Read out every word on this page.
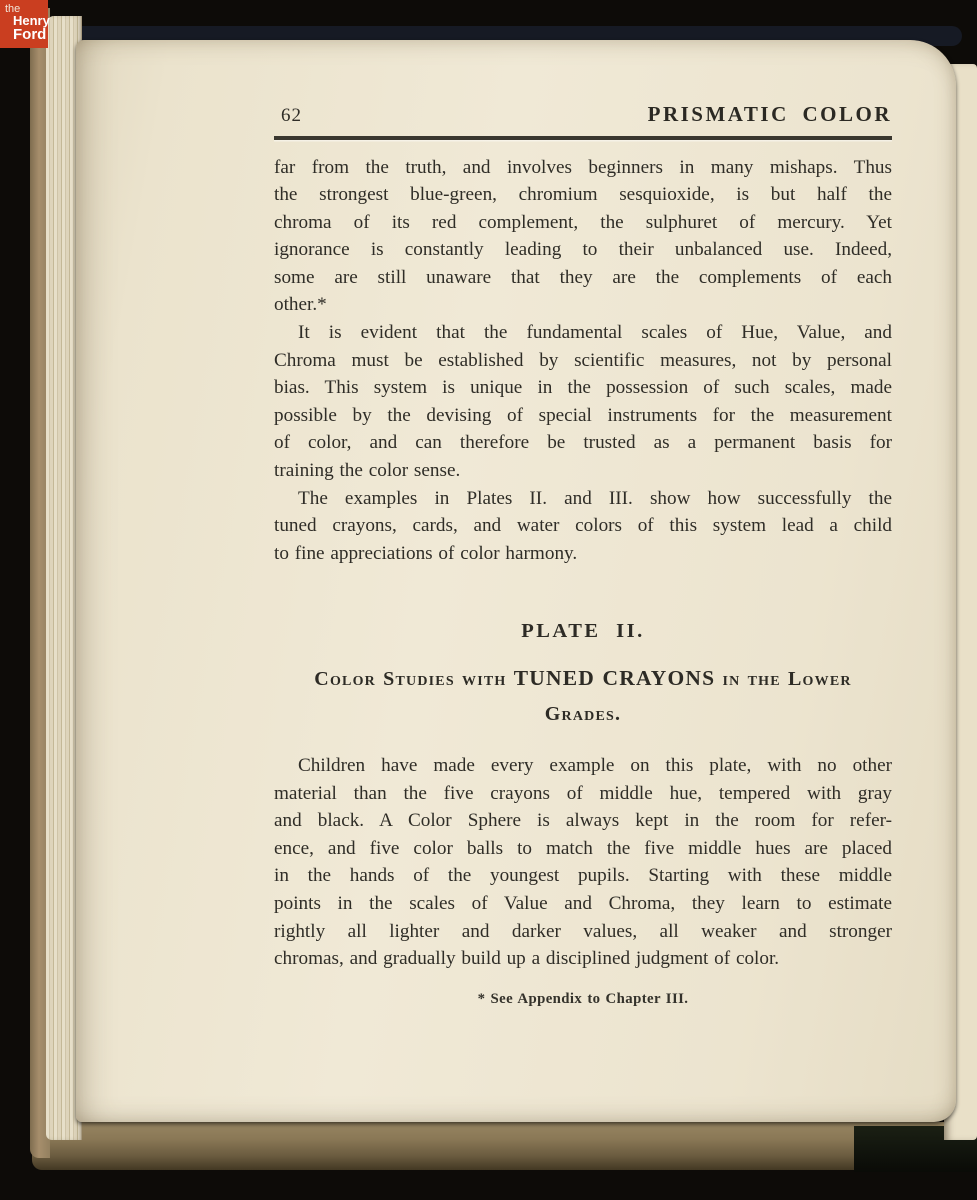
62	PRISMATIC COLOR
far from the truth, and involves beginners in many mishaps. Thus
the strongest blue-green, chromium sesquioxide, is but half the
chroma of its red complement, the sulphuret of mercury. Yet
ignorance is constantly leading to their unbalanced use. Indeed,
some are still unaware that they are the complements of each
other.*
It is evident that the fundamental scales of Hue, Value, and
Chroma must be established by scientific measures, not by personal
bias. This system is unique in the possession of such scales, made
possible by the devising of special instruments for the measurement
of color, and can therefore be trusted as a permanent basis for
training the color sense.
The examples in Plates II. and III. show how successfully the
tuned crayons, cards, and water colors of this system lead a child
to fine appreciations of color harmony.
PLATE II.
Color Studies with TUNED CRAYONS in the Lower
Grades.
Children have made every example on this plate, with no other
material than the five crayons of middle hue, tempered with gray
and black. A Color Sphere is always kept in the room for refer-
ence, and five color balls to match the five middle hues are placed
in the hands of the youngest pupils. Starting with these middle
points in the scales of Value and Chroma, they learn to estimate
rightly all lighter and darker values, all weaker and stronger
chromas, and gradually build up a disciplined judgment of color.
* See Appendix to Chapter III.
the
Henry
Ford
